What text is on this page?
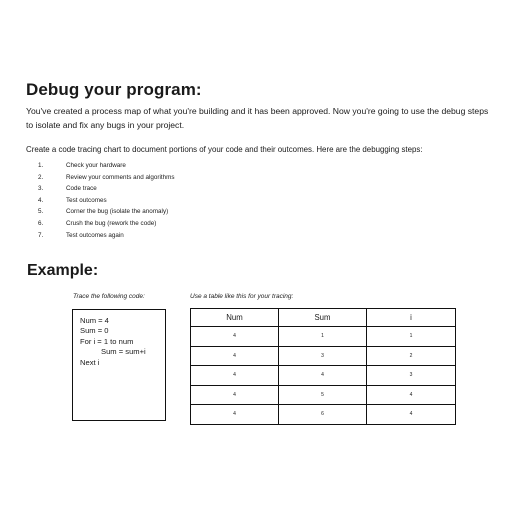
Debug your program:
You've created a process map of what you're building and it has been approved. Now you're going to use the debug steps to isolate and fix any bugs in your project.
Create a code tracing chart to document portions of your code and their outcomes. Here are the debugging steps:
1.	Check your hardware
2.	Review your comments and algorithms
3.	Code trace
4.	Test outcomes
5.	Corner the bug (isolate the anomaly)
6.	Crush the bug (rework the code)
7.	Test outcomes again
Example:
Trace the following code:	Use a table like this for your tracing:
Num = 4
Sum = 0
For i = 1 to num
Sum = sum+i
Next i
Num	Sum	i
4	1	1
4	3	2
4	4	3
4	5	4
4	6	4
